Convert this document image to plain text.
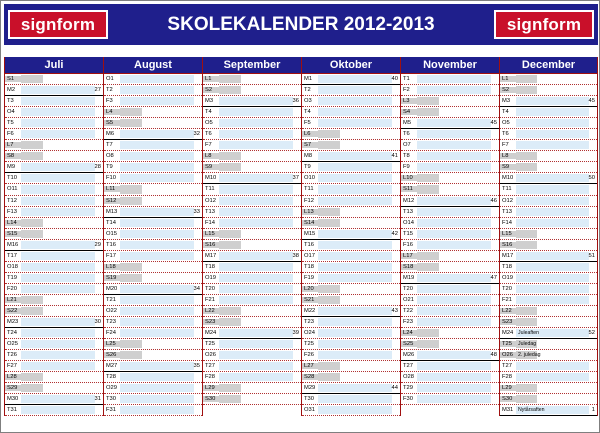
signform	SKOLEKALENDER 2012-2013	signform
Juli
S1
M2	27
T3
O4
T5
F6
L7
S8
M9	28
T10
O11
T12
F13
L14
S15
M16	29
T17
O18
T19
F20
L21
S22
M23	30
T24
O25
T26
F27
L28
S29
M30	31
T31
August
O1
T2
F3
L4
S5
M6	32
T7
O8
T9
F10
L11
S12
M13	33
T14
O15
T16
F17
L18
S19
M20	34
T21
O22
T23
F24
L25
S26
M27	35
T28
O29
T30
F31
September
L1
S2
M3	36
T4
O5
T6
F7
L8
S9
M10	37
T11
O12
T13
F14
L15
S16
M17	38
T18
O19
T20
F21
L22
S23
M24	39
T25
O26
T27
F28
L29
S30
Oktober
M1	40
T2
O3
T4
F5
L6
S7
M8	41
T9
O10
T11
F12
L13
S14
M15	42
T16
O17
T18
F19
L20
S21
M22	43
T23
O24
T25
F26
L27
S28
M29	44
T30
O31
November
T1
F2
L3
S4
M5	45
T6
O7
T8
F9
L10
S11
M12	46
T13
O14
T15
F16
L17
S18
M19	47
T20
O21
T22
F23
L24
S25
M26	48
T27
O28
T29
F30
December
L1
S2
M3	45
T4
O5
T6
F7
L8
S9
M10	50
T11
O12
T13
F14
L15
S16
M17	51
T18
O19
T20
F21
L22
S23
M24 Juleaften	52
T25	Juledag
O26 2. juledag
T27
F28
L29
S30
M31 Nytårsaften	1
